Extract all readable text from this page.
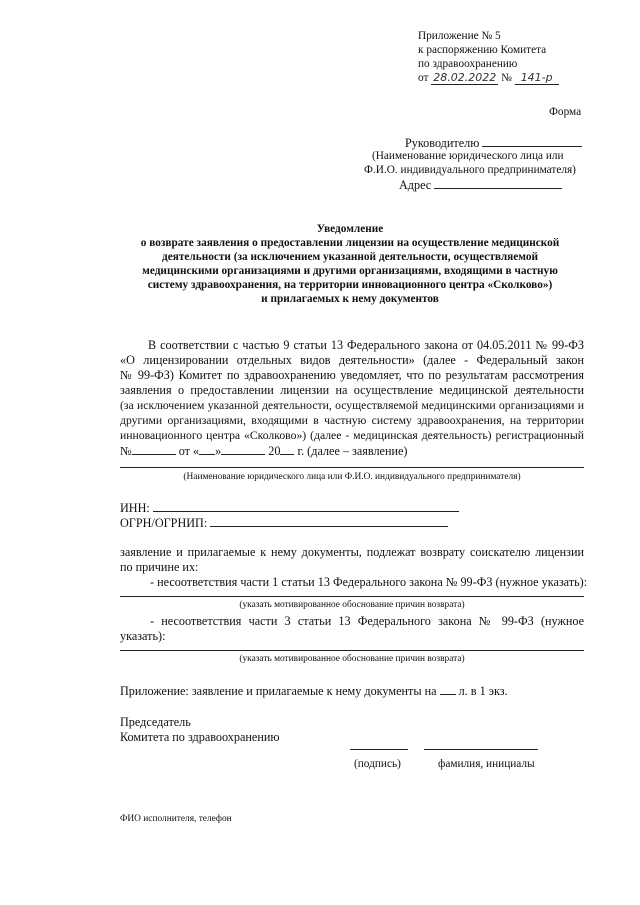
Приложение № 5
к распоряжению Комитета
по здравоохранению
от 28.02.2022 № 141-р
Форма
Руководителю
(Наименование юридического лица или
Ф.И.О. индивидуального предпринимателя)
Адрес
Уведомление
о возврате заявления о предоставлении лицензии на осуществление медицинской
деятельности (за исключением указанной деятельности, осуществляемой
медицинскими организациями и другими организациями, входящими в частную
систему здравоохранения, на территории инновационного центра «Сколково»)
и прилагаемых к нему документов
В соответствии с частью 9 статьи 13 Федерального закона от 04.05.2011 № 99-ФЗ
«О лицензировании отдельных видов деятельности» (далее - Федеральный закон
№ 99-ФЗ) Комитет по здравоохранению уведомляет, что по результатам рассмотрения
заявления о предоставлении лицензии на осуществление медицинской деятельности
(за исключением указанной деятельности, осуществляемой медицинскими организациями и
другими организациями, входящими в частную систему здравоохранения, на территории
инновационного центра «Сколково») (далее - медицинская деятельность) регистрационный
№	от « »	20 г. (далее – заявление)
(Наименование юридического лица или Ф.И.О. индивидуального предпринимателя)
ИНН:
ОГРН/ОГРНИП:
заявление и прилагаемые к нему документы, подлежат возврату соискателю лицензии
по причине их:
- несоответствия части 1 статьи 13 Федерального закона № 99-ФЗ (нужное указать):
(указать мотивированное обоснование причин возврата)
- несоответствия части 3 статьи 13 Федерального закона № 99-ФЗ (нужное
указать):
(указать мотивированное обоснование причин возврата)
Приложение: заявление и прилагаемые к нему документы на л. в 1 экз.
Председатель
Комитета по здравоохранению
(подпись)	фамилия, инициалы
ФИО исполнителя, телефон
